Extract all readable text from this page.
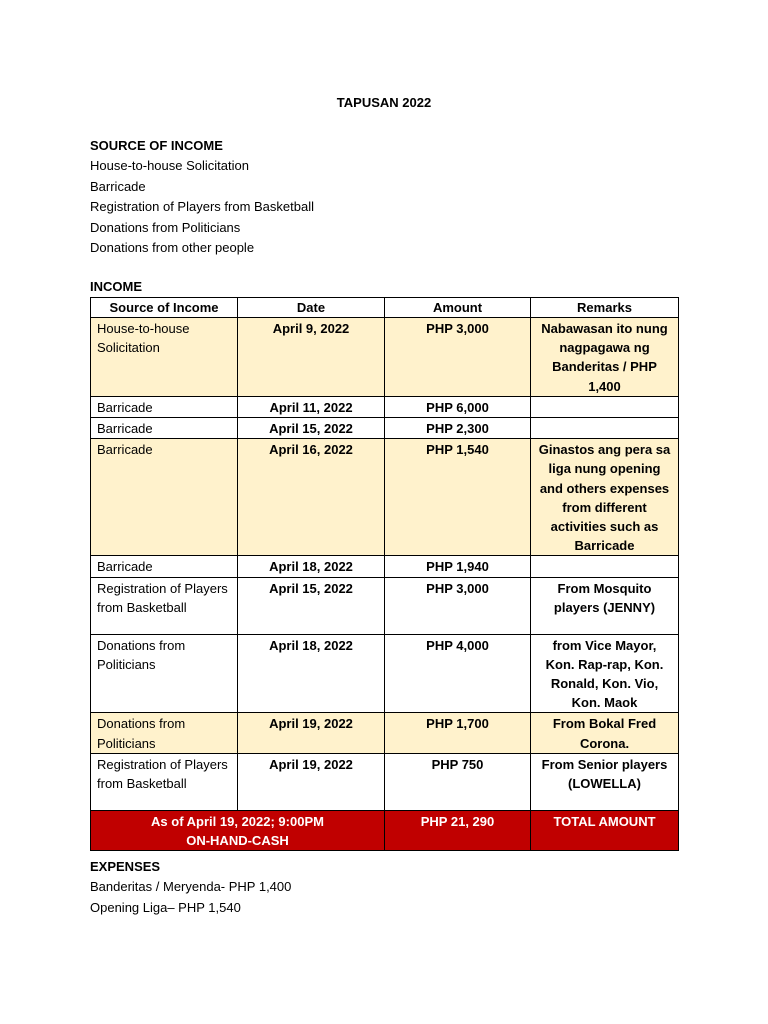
TAPUSAN 2022
SOURCE OF INCOME
House-to-house Solicitation
Barricade
Registration of Players from Basketball
Donations from Politicians
Donations from other people
INCOME
Source of Income	Date	Amount	Remarks
House-to-house Solicitation	April 9, 2022	PHP 3,000	Nabawasan ito nung nagpagawa ng Banderitas / PHP 1,400
Barricade	April 11, 2022	PHP 6,000	
Barricade	April 15, 2022	PHP 2,300	
Barricade	April 16, 2022	PHP 1,540	Ginastos ang pera sa liga nung opening and others expenses from different activities such as Barricade
Barricade	April 18, 2022	PHP 1,940	
Registration of Players from Basketball	April 15, 2022	PHP 3,000	From Mosquito players (JENNY)
Donations from Politicians	April 18, 2022	PHP 4,000	from Vice Mayor, Kon. Rap-rap, Kon. Ronald, Kon. Vio, Kon. Maok
Donations from Politicians	April 19, 2022	PHP 1,700	From Bokal Fred Corona.
Registration of Players from Basketball	April 19, 2022	PHP 750	From Senior players (LOWELLA)

As of April 19, 2022; 9:00PM
ON-HAND-CASH		PHP 21, 290	TOTAL AMOUNT
EXPENSES
Banderitas / Meryenda- PHP 1,400
Opening Liga– PHP 1,540
